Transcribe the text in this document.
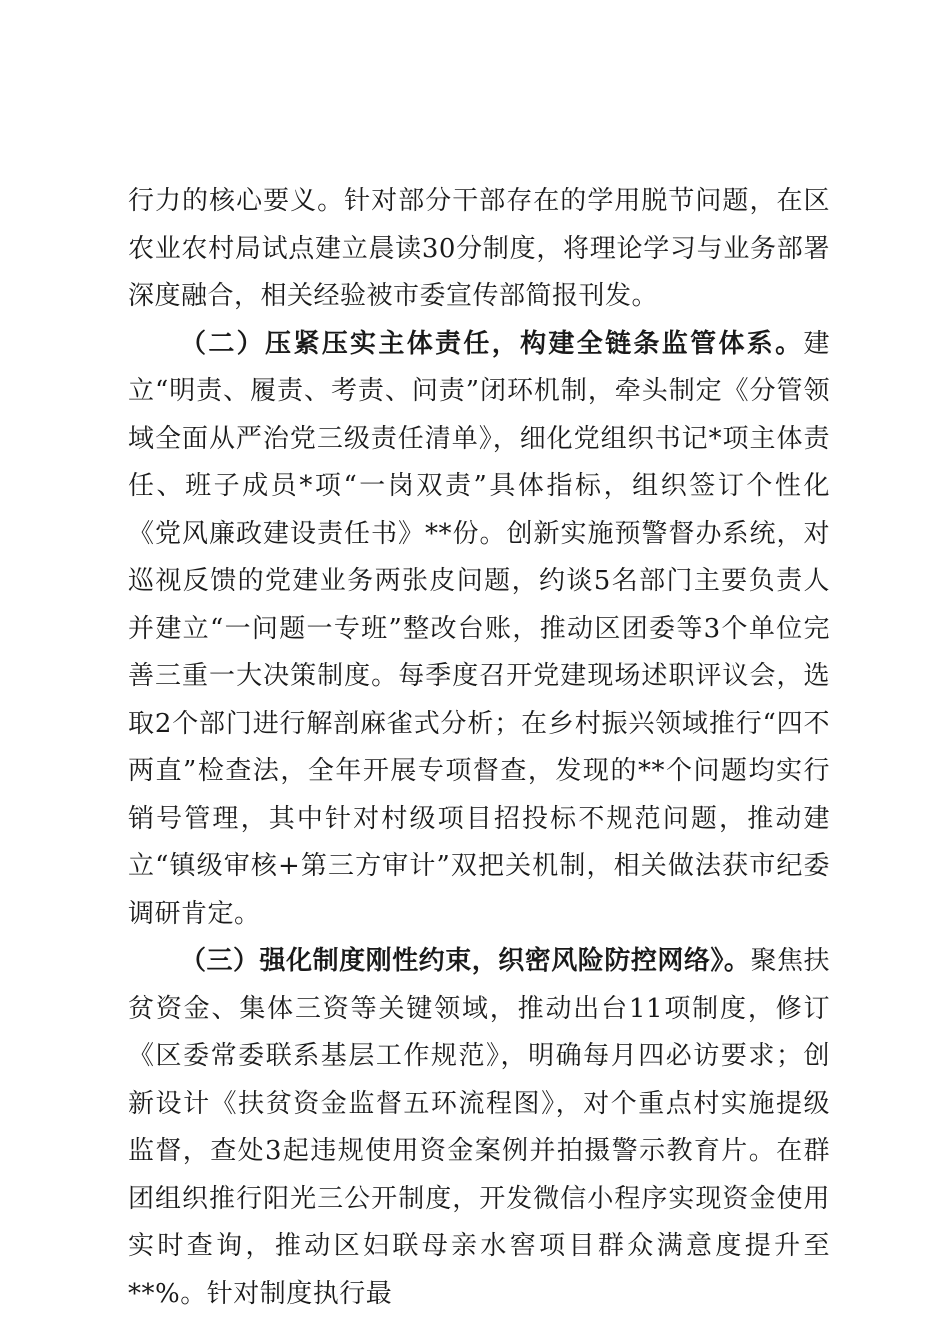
行力的核心要义。针对部分干部存在的学用脱节问题，在区农业农村局试点建立晨读30分制度，将理论学习与业务部署深度融合，相关经验被市委宣传部简报刊发。

（二）压紧压实主体责任，构建全链条监管体系。建立“明责、履责、考责、问责”闭环机制，牵头制定《分管领域全面从严治党三级责任清单》，细化党组织书记*项主体责任、班子成员*项“一岗双责”具体指标，组织签订个性化《党风廉政建设责任书》**份。创新实施预警督办系统，对巡视反馈的党建业务两张皮问题，约谈5名部门主要负责人并建立“一问题一专班”整改台账，推动区团委等3个单位完善三重一大决策制度。每季度召开党建现场述职评议会，选取2个部门进行解剖麻雀式分析；在乡村振兴领域推行“四不两直”检查法，全年开展专项督查，发现的**个问题均实行销号管理，其中针对村级项目招投标不规范问题，推动建立“镇级审核+第三方审计”双把关机制，相关做法获市纪委调研肯定。

（三）强化制度刚性约束，织密风险防控网络》。聚焦扶贫资金、集体三资等关键领域，推动出台11项制度，修订《区委常委联系基层工作规范》，明确每月四必访要求；创新设计《扶贫资金监督五环流程图》，对个重点村实施提级监督，查处3起违规使用资金案例并拍摄警示教育片。在群团组织推行阳光三公开制度，开发微信小程序实现资金使用实时查询，推动区妇联母亲水窖项目群众满意度提升至**%。针对制度执行最
